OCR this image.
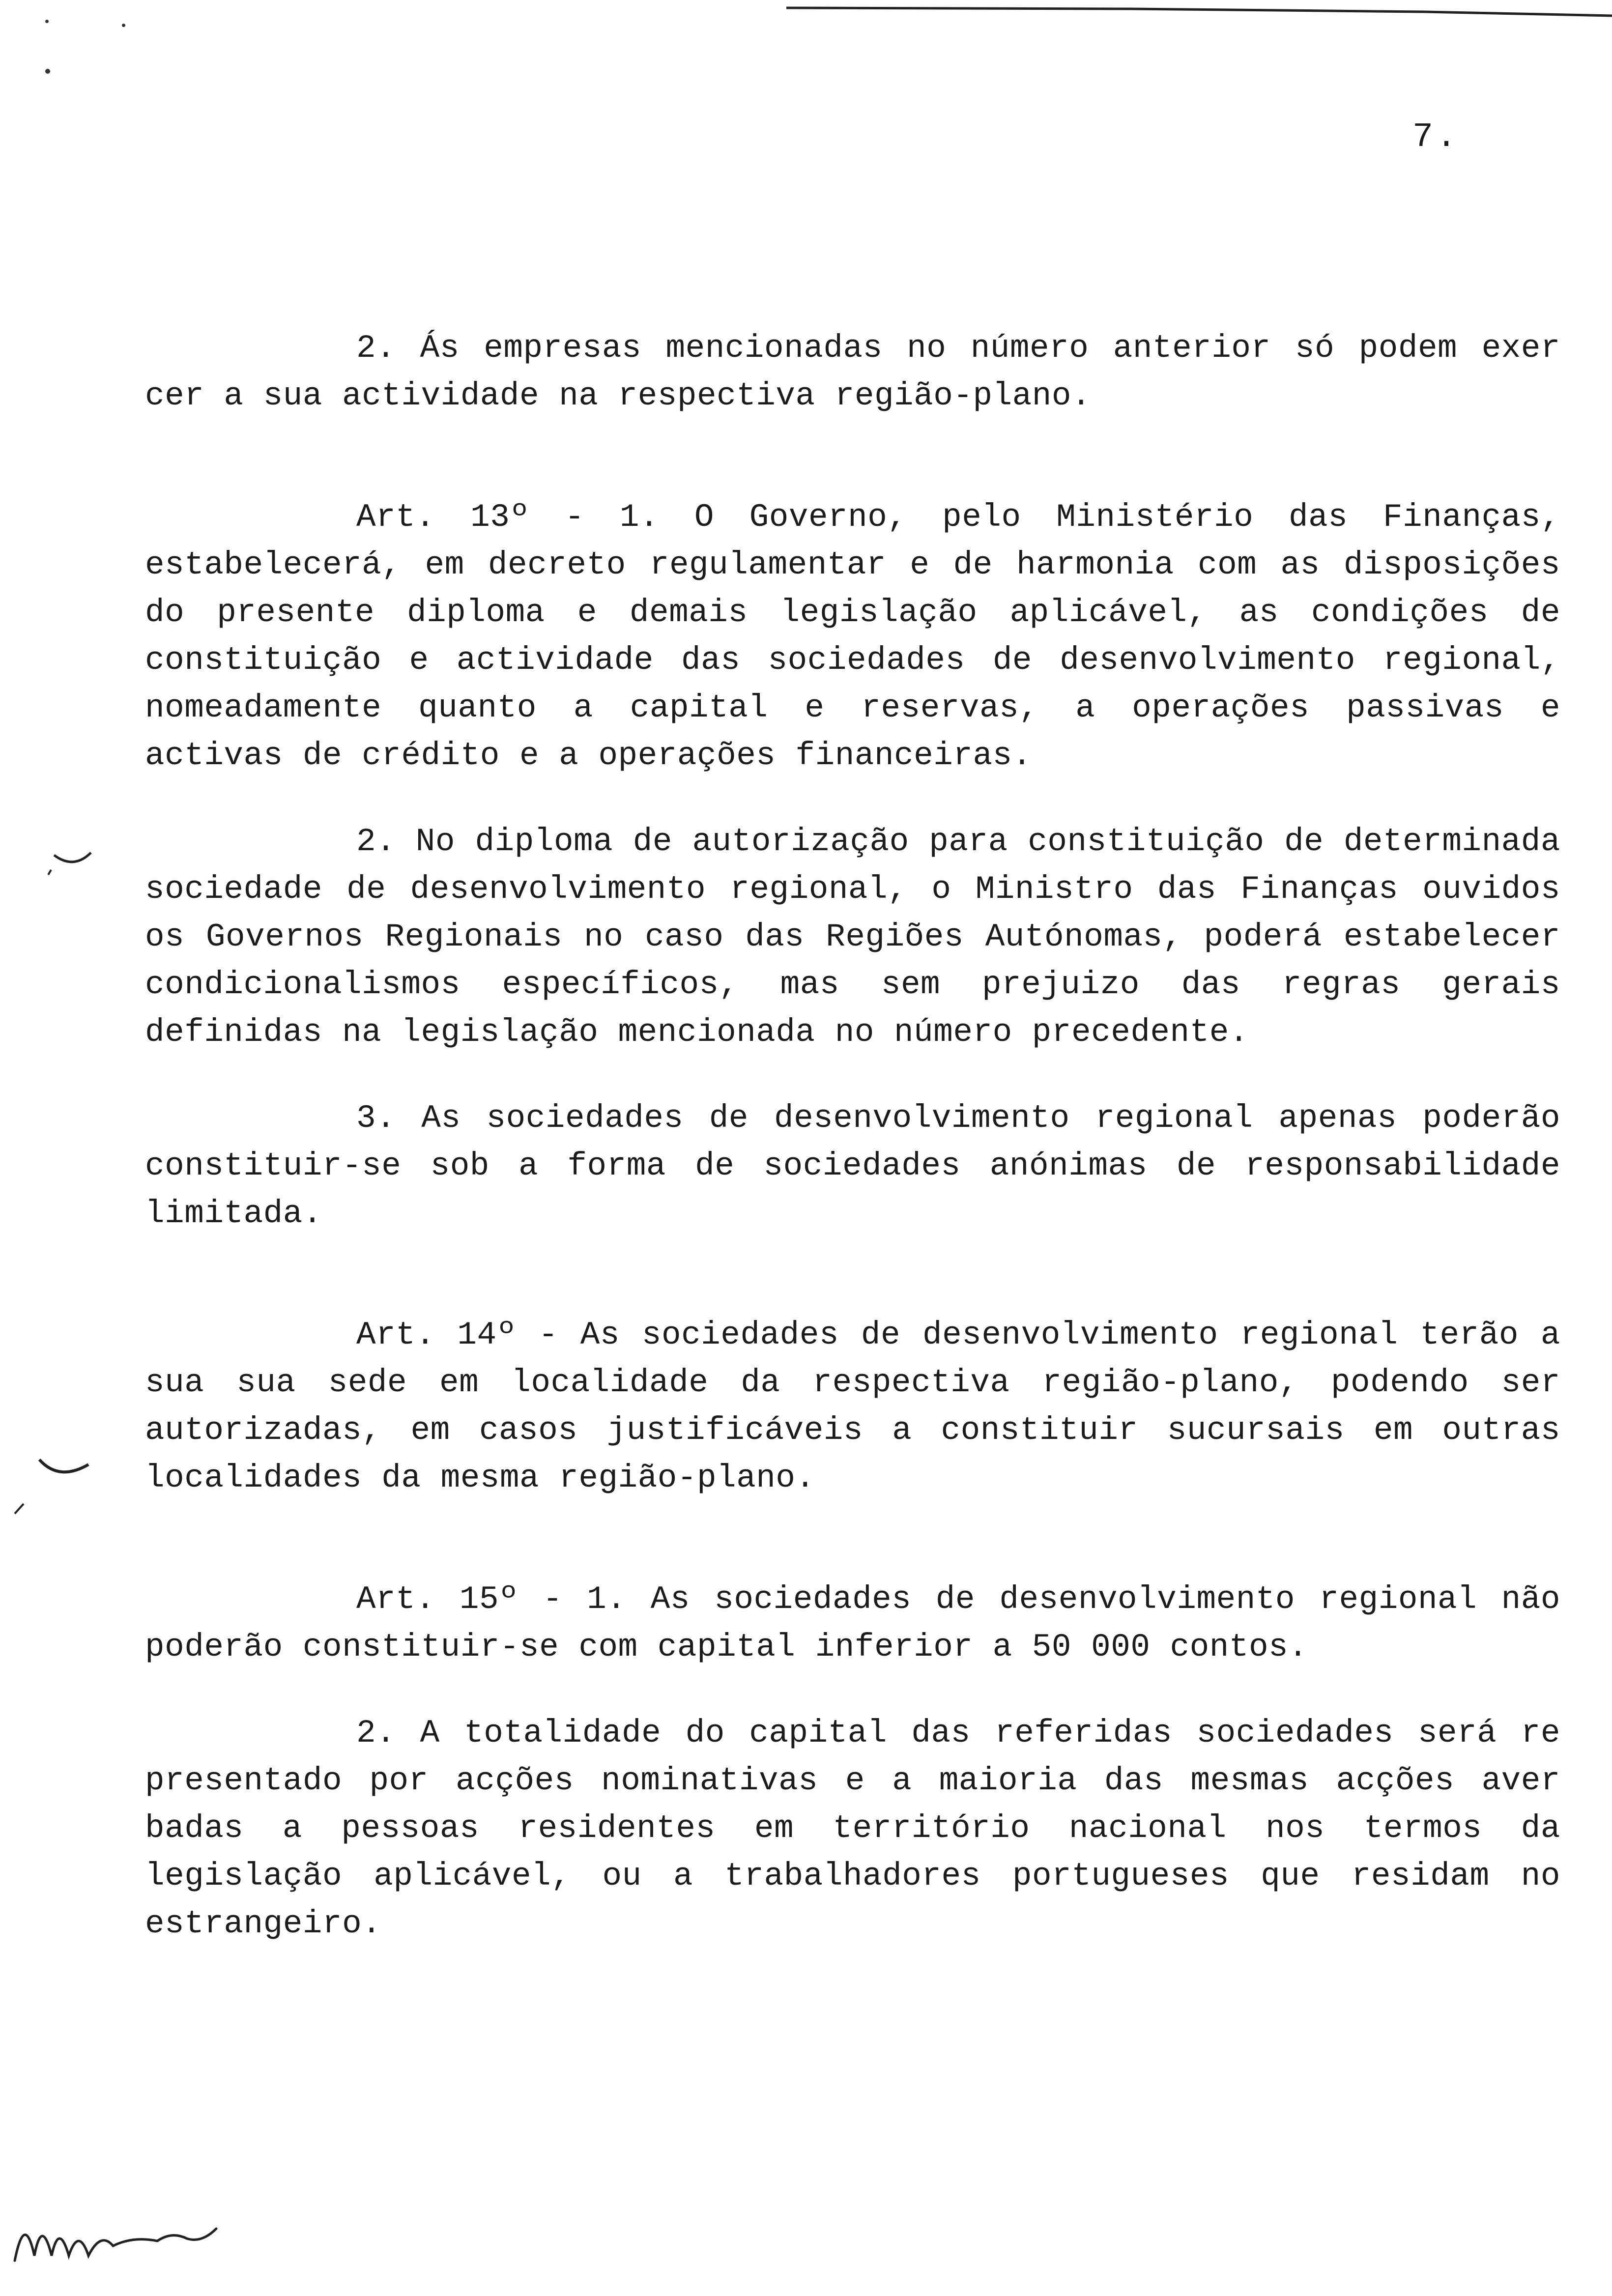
7.

2. Ás empresas mencionadas no número anterior só podem exer cer a sua actividade na respectiva região-plano.

Art. 13º - 1. O Governo, pelo Ministério das Finanças, estabelecerá, em decreto regulamentar e de harmonia com as disposições do presente diploma e demais legislação aplicável, as condições de constituição e actividade das sociedades de desenvolvimento regional, nomeadamente quanto a capital e reservas, a operações passivas e activas de crédito e a operações financeiras.

2. No diploma de autorização para constituição de determinada sociedade de desenvolvimento regional, o Ministro das Finanças ouvidos os Governos Regionais no caso das Regiões Autónomas, poderá estabelecer condicionalismos específicos, mas sem prejuizo das regras gerais definidas na legislação mencionada no número precedente.

3. As sociedades de desenvolvimento regional apenas poderão constituir-se sob a forma de sociedades anónimas de responsabilidade limitada.

Art. 14º - As sociedades de desenvolvimento regional terão a sua sua sede em localidade da respectiva região-plano, podendo ser autorizadas, em casos justificáveis a constituir sucursais em outras localidades da mesma região-plano.

Art. 15º - 1. As sociedades de desenvolvimento regional não poderão constituir-se com capital inferior a 50 000 contos.

2. A totalidade do capital das referidas sociedades será re presentado por acções nominativas e a maioria das mesmas acções aver badas a pessoas residentes em território nacional nos termos da legislação aplicável, ou a trabalhadores portugueses que residam no estrangeiro.
